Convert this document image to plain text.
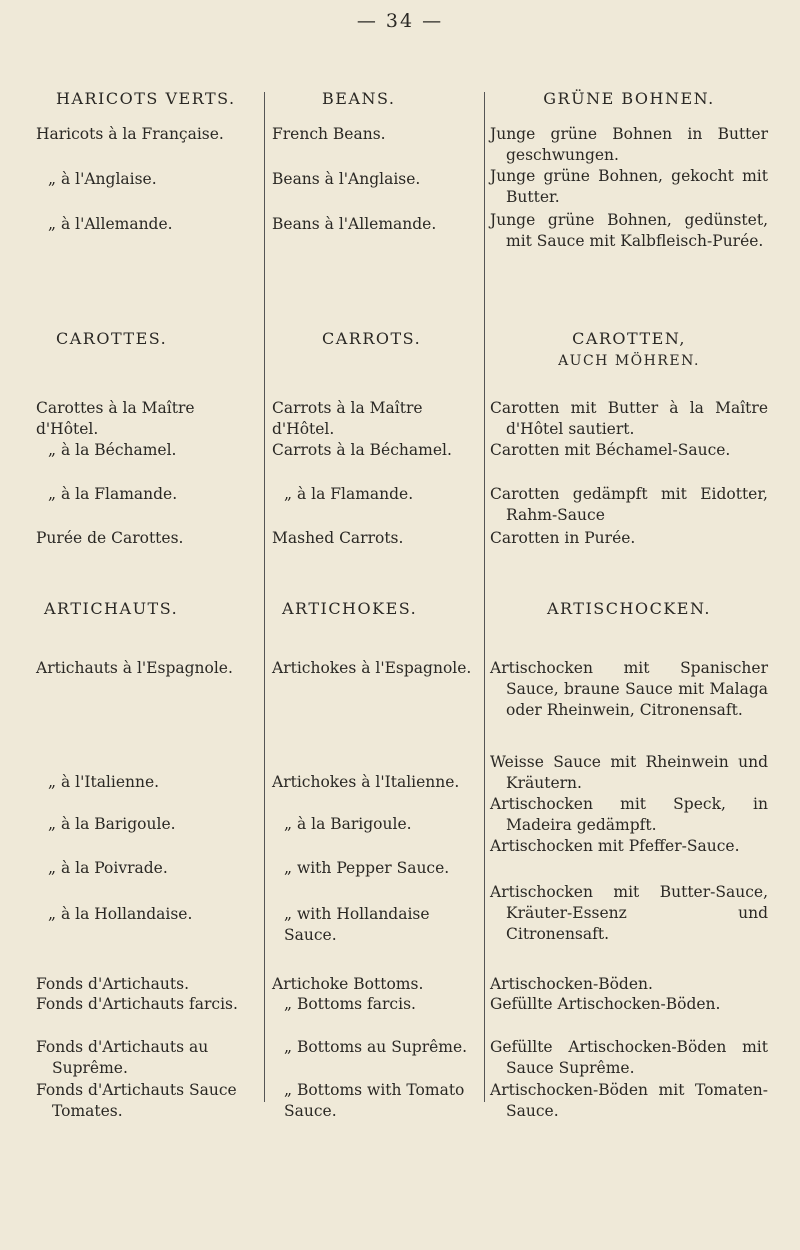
— 34 —
HARICOTS VERTS.
Haricots à la Française.
„ à l'Anglaise.
„ à l'Allemande.
CAROTTES.
Carottes à la Maître d'Hôtel.
„ à la Béchamel.
„ à la Flamande.
Purée de Carottes.
ARTICHAUTS.
Artichauts à l'Espagnole.
„ à l'Italienne.
„ à la Barigoule.
„ à la Poivrade.
„ à la Hollandaise.
Fonds d'Artichauts.
Fonds d'Artichauts farcis.
Fonds d'Artichauts au Suprême.
Fonds d'Artichauts Sauce Tomates.
BEANS.
French Beans.
Beans à l'Anglaise.
Beans à l'Allemande.
CARROTS.
Carrots à la Maître d'Hôtel.
Carrots à la Béchamel.
„ à la Flamande.
Mashed Carrots.
ARTICHOKES.
Artichokes à l'Espagnole.
Artichokes à l'Italienne.
„ à la Barigoule.
„ with Pepper Sauce.
„ with Hollandaise Sauce.
Artichoke Bottoms.
„ Bottoms farcis.
„ Bottoms au Suprême.
„ Bottoms with Tomato Sauce.
GRÜNE BOHNEN.
Junge grüne Bohnen in Butter geschwungen.
Junge grüne Bohnen, gekocht mit Butter.
Junge grüne Bohnen, gedünstet, mit Sauce mit Kalbfleisch-Purée.
CAROTTEN,
AUCH MÖHREN.
Carotten mit Butter à la Maître d'Hôtel sautiert.
Carotten mit Béchamel-Sauce.
Carotten gedämpft mit Eidotter, Rahm-Sauce
Carotten in Purée.
ARTISCHOCKEN.
Artischocken mit Spanischer Sauce, braune Sauce mit Malaga oder Rheinwein, Citronensaft.
Weisse Sauce mit Rheinwein und Kräutern.
Artischocken mit Speck, in Madeira gedämpft.
Artischocken mit Pfeffer-Sauce.
Artischocken mit Butter-Sauce, Kräuter-Essenz und Citronensaft.
Artischocken-Böden.
Gefüllte Artischocken-Böden.
Gefüllte Artischocken-Böden mit Sauce Suprême.
Artischocken-Böden mit Tomaten-Sauce.
